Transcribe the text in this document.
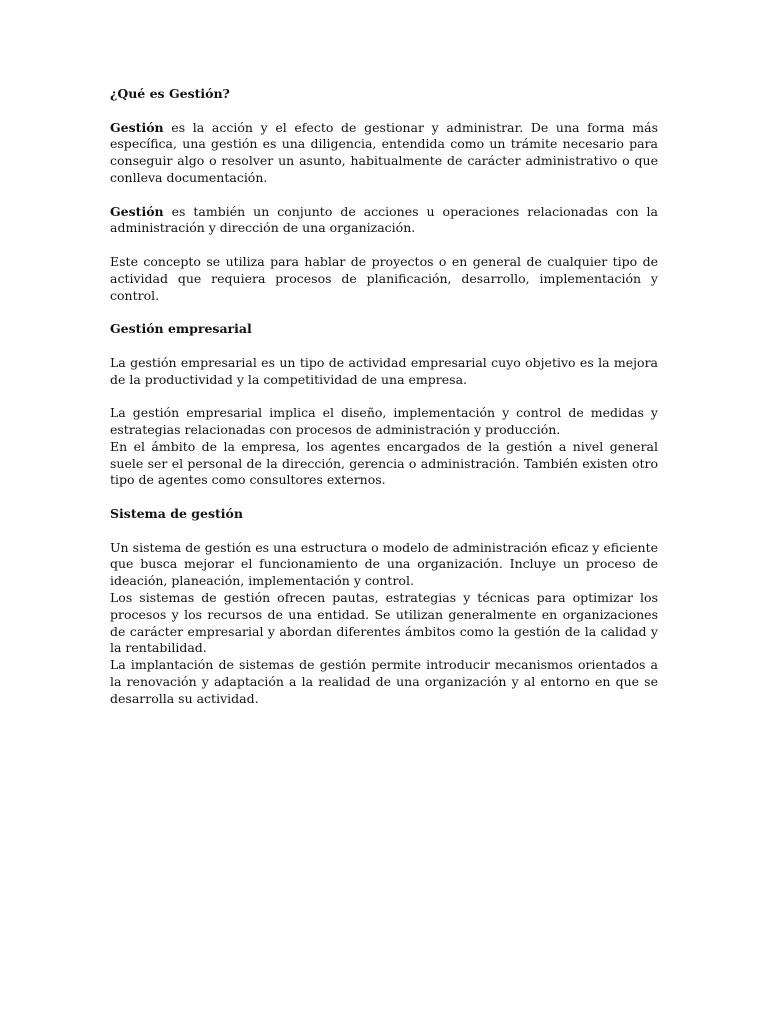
¿Qué es Gestión?

Gestión es la acción y el efecto de gestionar y administrar. De una forma más específica, una gestión es una diligencia, entendida como un trámite necesario para conseguir algo o resolver un asunto, habitualmente de carácter administrativo o que conlleva documentación.

Gestión es también un conjunto de acciones u operaciones relacionadas con la administración y dirección de una organización.

Este concepto se utiliza para hablar de proyectos o en general de cualquier tipo de actividad que requiera procesos de planificación, desarrollo, implementación y control.

Gestión empresarial

La gestión empresarial es un tipo de actividad empresarial cuyo objetivo es la mejora de la productividad y la competitividad de una empresa.

La gestión empresarial implica el diseño, implementación y control de medidas y estrategias relacionadas con procesos de administración y producción.

En el ámbito de la empresa, los agentes encargados de la gestión a nivel general suele ser el personal de la dirección, gerencia o administración. También existen otro tipo de agentes como consultores externos.

Sistema de gestión

Un sistema de gestión es una estructura o modelo de administración eficaz y eficiente que busca mejorar el funcionamiento de una organización. Incluye un proceso de ideación, planeación, implementación y control.

Los sistemas de gestión ofrecen pautas, estrategias y técnicas para optimizar los procesos y los recursos de una entidad. Se utilizan generalmente en organizaciones de carácter empresarial y abordan diferentes ámbitos como la gestión de la calidad y la rentabilidad.

La implantación de sistemas de gestión permite introducir mecanismos orientados a la renovación y adaptación a la realidad de una organización y al entorno en que se desarrolla su actividad.
